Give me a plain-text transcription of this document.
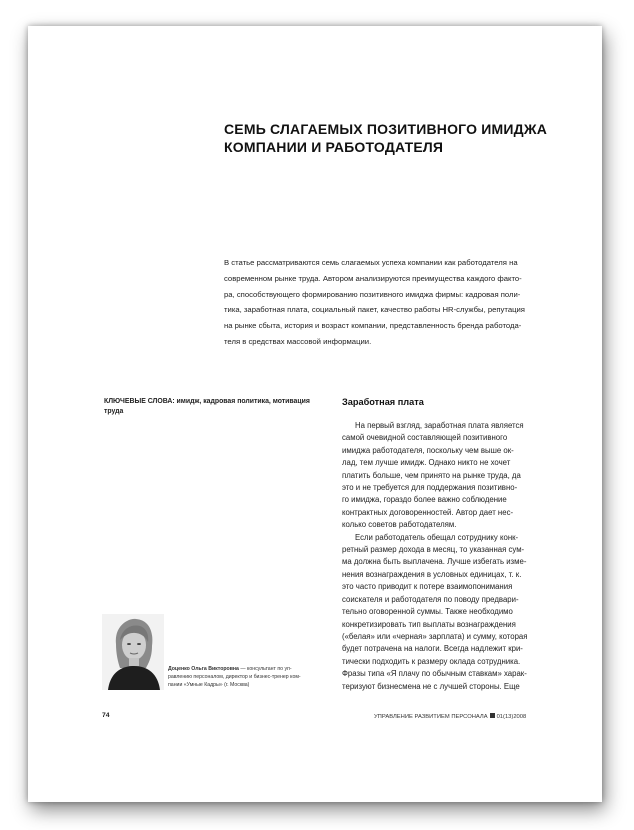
СЕМЬ СЛАГАЕМЫХ ПОЗИТИВНОГО ИМИДЖА
КОМПАНИИ И РАБОТОДАТЕЛЯ
В статье рассматриваются семь слагаемых успеха компании как работодателя на
современном рынке труда. Автором анализируются преимущества каждого факто-
ра, способствующего формированию позитивного имиджа фирмы: кадровая поли-
тика, заработная плата, социальный пакет, качество работы HR-службы, репутация
на рынке сбыта, история и возраст компании, представленность бренда работода-
теля в средствах массовой информации.
КЛЮЧЕВЫЕ СЛОВА: имидж, кадровая политика, мотивация труда
Доценко Ольга Викторовна — консультант по уп-
равлению персоналом, директор и бизнес-тренер ком-
пании «Умные Кадры» (г. Москва)
Заработная плата
На первый взгляд, заработная плата является
самой очевидной составляющей позитивного
имиджа работодателя, поскольку чем выше ок-
лад, тем лучше имидж. Однако никто не хочет
платить больше, чем принято на рынке труда, да
это и не требуется для поддержания позитивно-
го имиджа, гораздо более важно соблюдение
контрактных договоренностей. Автор дает нес-
колько советов работодателям.
Если работодатель обещал сотруднику конк-
ретный размер дохода в месяц, то указанная сум-
ма должна быть выплачена. Лучше избегать изме-
нения вознаграждения в условных единицах, т. к.
это часто приводит к потере взаимопонимания
соискателя и работодателя по поводу предвари-
тельно оговоренной суммы. Также необходимо
конкретизировать тип выплаты вознаграждения
(«белая» или «черная» зарплата) и сумму, которая
будет потрачена на налоги. Всегда надлежит кри-
тически подходить к размеру оклада сотрудника.
Фразы типа «Я плачу по обычным ставкам» харак-
теризуют бизнесмена не с лучшей стороны. Еще
74	УПРАВЛЕНИЕ РАЗВИТИЕМ ПЕРСОНАЛА 01(13)2008
